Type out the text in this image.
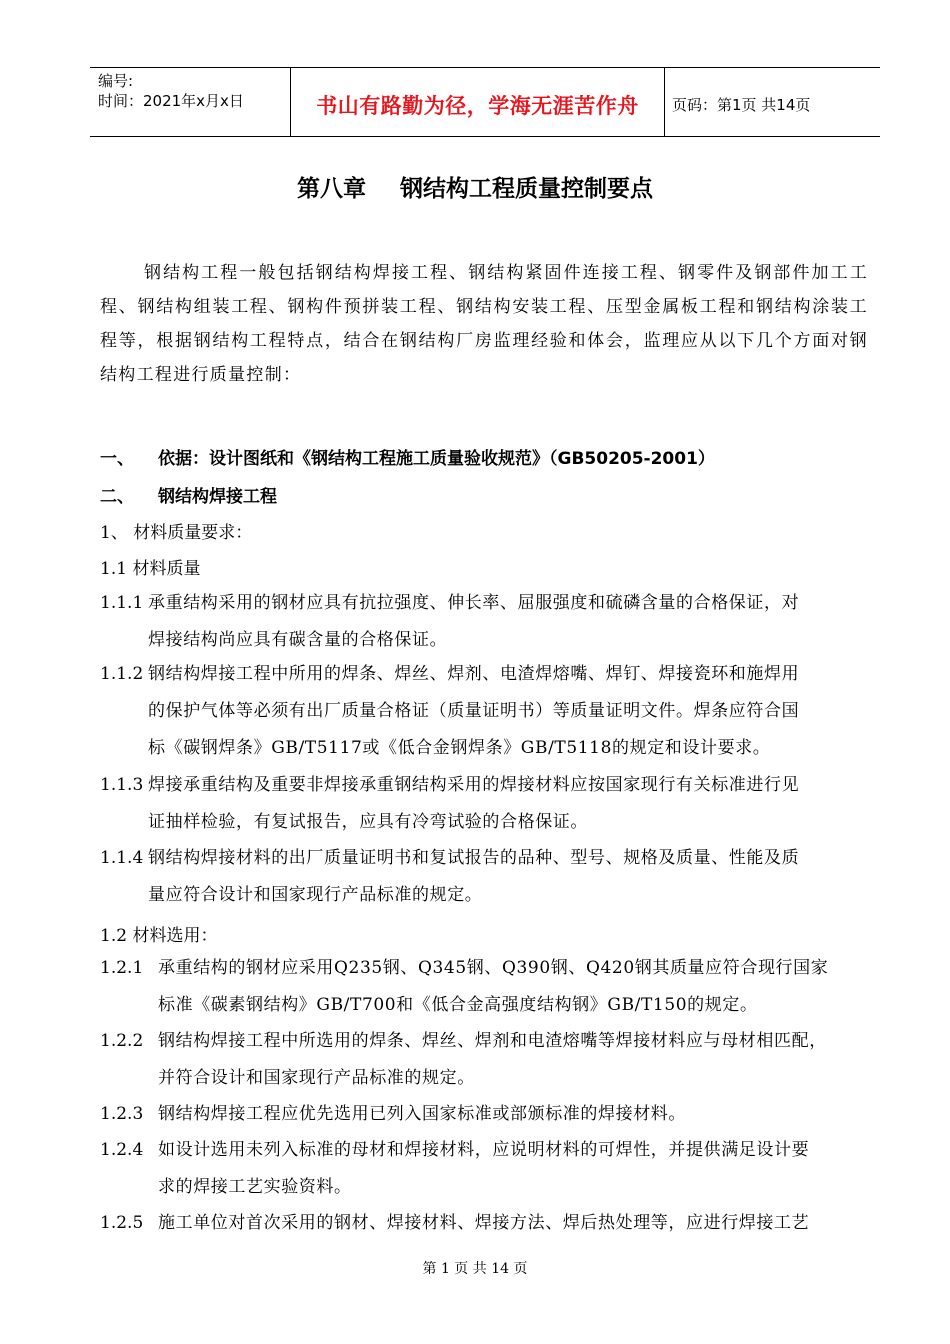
编号:
时间：2021年x月x日	书山有路勤为径，学海无涯苦作舟	页码：第1页 共14页
第八章 钢结构工程质量控制要点
钢结构工程一般包括钢结构焊接工程、钢结构紧固件连接工程、钢零件及钢部件加工工程、钢结构组装工程、钢构件预拼装工程、钢结构安装工程、压型金属板工程和钢结构涂装工程等，根据钢结构工程特点，结合在钢结构厂房监理经验和体会，监理应从以下几个方面对钢结构工程进行质量控制：
一、 依据：设计图纸和《钢结构工程施工质量验收规范》（GB50205-2001）
二、 钢结构焊接工程
1、 材料质量要求：
1.1 材料质量
1.1.1 承重结构采用的钢材应具有抗拉强度、伸长率、屈服强度和硫磷含量的合格保证，对
焊接结构尚应具有碳含量的合格保证。
1.1.2 钢结构焊接工程中所用的焊条、焊丝、焊剂、电渣焊熔嘴、焊钉、焊接瓷环和施焊用
的保护气体等必须有出厂质量合格证（质量证明书）等质量证明文件。焊条应符合国
标《碳钢焊条》GB/T5117或《低合金钢焊条》GB/T5118的规定和设计要求。
1.1.3 焊接承重结构及重要非焊接承重钢结构采用的焊接材料应按国家现行有关标准进行见
证抽样检验，有复试报告，应具有冷弯试验的合格保证。
1.1.4 钢结构焊接材料的出厂质量证明书和复试报告的品种、型号、规格及质量、性能及质
量应符合设计和国家现行产品标准的规定。
1.2 材料选用：
1.2.1 承重结构的钢材应采用Q235钢、Q345钢、Q390钢、Q420钢其质量应符合现行国家
标准《碳素钢结构》GB/T700和《低合金高强度结构钢》GB/T150的规定。
1.2.2 钢结构焊接工程中所选用的焊条、焊丝、焊剂和电渣熔嘴等焊接材料应与母材相匹配，
并符合设计和国家现行产品标准的规定。
1.2.3 钢结构焊接工程应优先选用已列入国家标准或部颁标准的焊接材料。
1.2.4 如设计选用未列入标准的母材和焊接材料，应说明材料的可焊性，并提供满足设计要
求的焊接工艺实验资料。
1.2.5 施工单位对首次采用的钢材、焊接材料、焊接方法、焊后热处理等，应进行焊接工艺
第 1 页 共 14 页
